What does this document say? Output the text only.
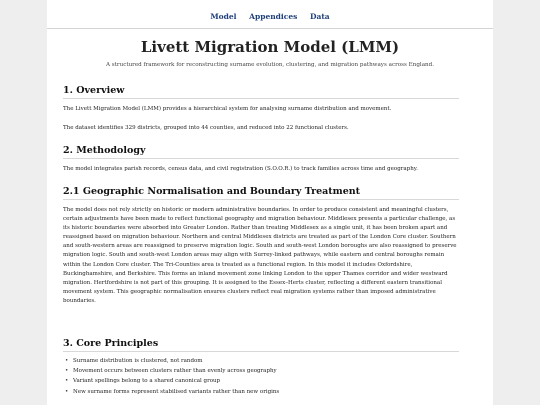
Model Appendices Data
Livett Migration Model (LMM)

A structured framework for reconstructing surname evolution, clustering, and migration pathways across England.

1. Overview

The Livett Migration Model (LMM) provides a hierarchical system for analysing surname distribution and movement.

The dataset identifies 329 districts, grouped into 44 counties, and reduced into 22 functional clusters.

2. Methodology

The model integrates parish records, census data, and civil registration (S.O.O.R.) to track families across time and geography.

2.1 Geographic Normalisation and Boundary Treatment

The model does not rely strictly on historic or modern administrative boundaries. In order to produce consistent and meaningful clusters, certain adjustments have been made to reflect functional geography and migration behaviour. Middlesex presents a particular challenge, as its historic boundaries were absorbed into Greater London. Rather than treating Middlesex as a single unit, it has been broken apart and reassigned based on migration behaviour. Northern and central Middlesex districts are treated as part of the London Core cluster. Southern and south-western areas are reassigned to preserve migration logic. South and south-west London boroughs are also reassigned to preserve migration logic. South and south-west London areas may align with Surrey-linked pathways, while eastern and central boroughs remain within the London Core cluster. The Tri-Counties area is treated as a functional region. In this model it includes Oxfordshire, Buckinghamshire, and Berkshire. This forms an inland movement zone linking London to the upper Thames corridor and wider westward migration. Hertfordshire is not part of this grouping. It is assigned to the Essex–Herts cluster, reflecting a different eastern transitional movement system. This geographic normalisation ensures clusters reflect real migration systems rather than imposed administrative boundaries.

3. Core Principles
• Surname distribution is clustered, not random
• Movement occurs between clusters rather than evenly across geography
• Variant spellings belong to a shared canonical group
• New surname forms represent stabilised variants rather than new origins
